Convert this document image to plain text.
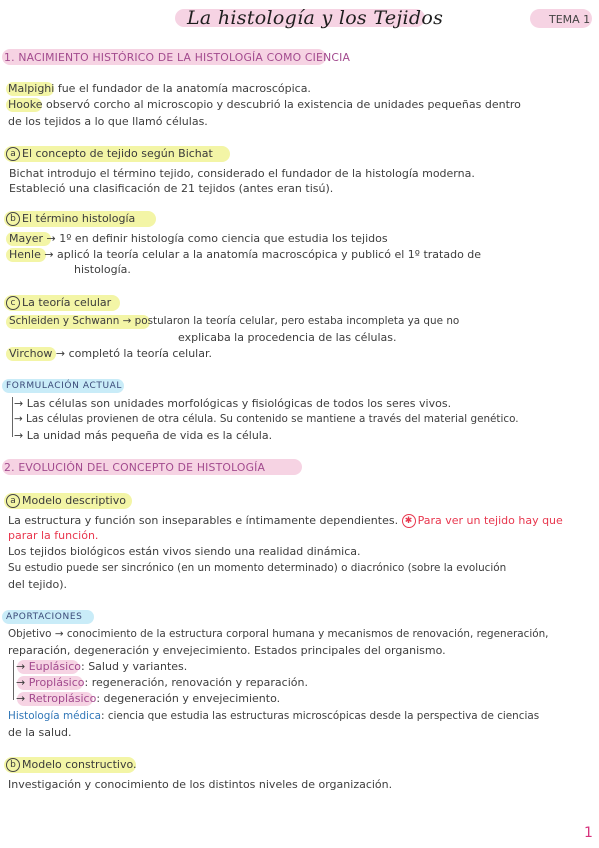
La histología y los Tejidos	TEMA 1
1. NACIMIENTO HISTÓRICO DE LA HISTOLOGÍA COMO CIENCIA
Malpighi fue el fundador de la anatomía macroscópica.
Hooke observó corcho al microscopio y descubrió la existencia de unidades pequeñas dentro
de los tejidos a lo que llamó células.
a El concepto de tejido según Bichat
Bichat introdujo el término tejido, considerado el fundador de la histología moderna.
Estableció una clasificación de 21 tejidos (antes eran tisú).
b El término histología
Mayer → 1º en definir histología como ciencia que estudia los tejidos
Henle → aplicó la teoría celular a la anatomía macroscópica y publicó el 1º tratado de
histología.
c La teoría celular
Schleiden y Schwann → postularon la teoría celular, pero estaba incompleta ya que no
explicaba la procedencia de las células.
Virchow → completó la teoría celular.
FORMULACIÓN ACTUAL
→ Las células son unidades morfológicas y fisiológicas de todos los seres vivos.
→ Las células provienen de otra célula. Su contenido se mantiene a través del material genético.
→ La unidad más pequeña de vida es la célula.
2. EVOLUCIÓN DEL CONCEPTO DE HISTOLOGÍA
a Modelo descriptivo
La estructura y función son inseparables e íntimamente dependientes. ✱ Para ver un tejido hay que
parar la función.
Los tejidos biológicos están vivos siendo una realidad dinámica.
Su estudio puede ser sincrónico (en un momento determinado) o diacrónico (sobre la evolución
del tejido).
APORTACIONES
Objetivo → conocimiento de la estructura corporal humana y mecanismos de renovación, regeneración,
reparación, degeneración y envejecimiento. Estados principales del organismo.
→ Euplásico: Salud y variantes.
→ Proplásico: regeneración, renovación y reparación.
→ Retroplásico: degeneración y envejecimiento.
Histología médica: ciencia que estudia las estructuras microscópicas desde la perspectiva de ciencias
de la salud.
b Modelo constructivo.
Investigación y conocimiento de los distintos niveles de organización.
1
